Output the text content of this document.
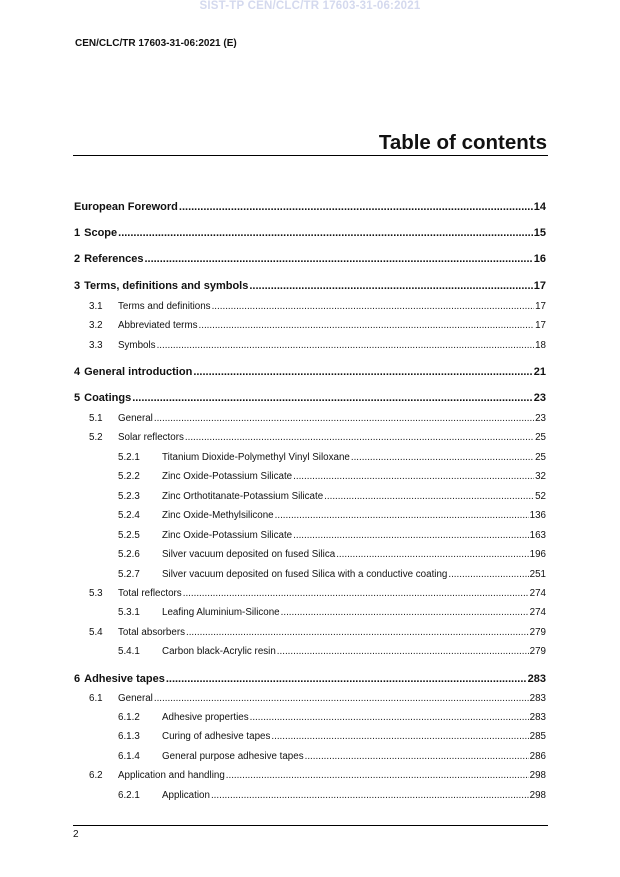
SIST-TP CEN/CLC/TR 17603-31-06:2021
CEN/CLC/TR 17603-31-06:2021 (E)
Table of contents
European Foreword .....	14
1 Scope .....	15
2 References .....	16
3 Terms, definitions and symbols .....	17
3.1	Terms and definitions .....	17
3.2	Abbreviated terms .....	17
3.3	Symbols .....	18
4 General introduction .....	21
5 Coatings .....	23
5.1	General .....	23
5.2	Solar reflectors .....	25
5.2.1	Titanium Dioxide-Polymethyl Vinyl Siloxane .....	25
5.2.2	Zinc Oxide-Potassium Silicate .....	32
5.2.3	Zinc Orthotitanate-Potassium Silicate .....	52
5.2.4	Zinc Oxide-Methylsilicone .....	136
5.2.5	Zinc Oxide-Potassium Silicate .....	163
5.2.6	Silver vacuum deposited on fused Silica .....	196
5.2.7	Silver vacuum deposited on fused Silica with a conductive coating .....	251
5.3	Total reflectors .....	274
5.3.1	Leafing Aluminium-Silicone .....	274
5.4	Total absorbers .....	279
5.4.1	Carbon black-Acrylic resin .....	279
6 Adhesive tapes .....	283
6.1	General .....	283
6.1.2	Adhesive properties .....	283
6.1.3	Curing of adhesive tapes .....	285
6.1.4	General purpose adhesive tapes .....	286
6.2	Application and handling .....	298
6.2.1	Application .....	298
2
